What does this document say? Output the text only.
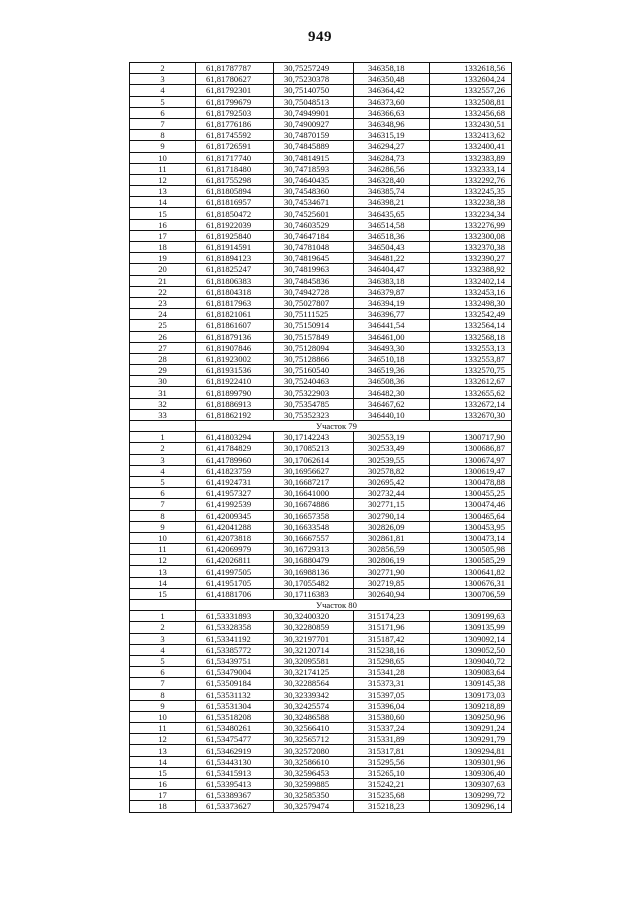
949
2	61,81787787	30,75257249	346358,18	1332618,56
3	61,81780627	30,75230378	346350,48	1332604,24
4	61,81792301	30,75140750	346364,42	1332557,26
5	61,81799679	30,75048513	346373,60	1332508,81
6	61,81792503	30,74949901	346366,63	1332456,68
7	61,81776186	30,74900927	346348,96	1332430,51
8	61,81745592	30,74870159	346315,19	1332413,62
9	61,81726591	30,74845889	346294,27	1332400,41
10	61,81717740	30,74814915	346284,73	1332383,89
11	61,81718480	30,74718593	346286,56	1332333,14
12	61,81755298	30,74640435	346328,40	1332292,76
13	61,81805894	30,74548360	346385,74	1332245,35
14	61,81816957	30,74534671	346398,21	1332238,38
15	61,81850472	30,74525601	346435,65	1332234,34
16	61,81922039	30,74603529	346514,58	1332276,99
17	61,81925840	30,74647184	346518,36	1332300,08
18	61,81914591	30,74781048	346504,43	1332370,38
19	61,81894123	30,74819645	346481,22	1332390,27
20	61,81825247	30,74819963	346404,47	1332388,92
21	61,81806383	30,74845836	346383,18	1332402,14
22	61,81804318	30,74942728	346379,87	1332453,16
23	61,81817963	30,75027807	346394,19	1332498,30
24	61,81821061	30,75111525	346396,77	1332542,49
25	61,81861607	30,75150914	346441,54	1332564,14
26	61,81879136	30,75157849	346461,00	1332568,18
27	61,81907846	30,75128094	346493,30	1332553,13
28	61,81923002	30,75128866	346510,18	1332553,87
29	61,81931536	30,75160540	346519,36	1332570,75
30	61,81922410	30,75240463	346508,36	1332612,67
31	61,81899790	30,75322903	346482,30	1332655,62
32	61,81886913	30,75354785	346467,62	1332672,14
33	61,81862192	30,75352323	346440,10	1332670,30
	Участок 79			
1	61,41803294	30,17142243	302553,19	1300717,90
2	61,41784829	30,17085213	302533,49	1300686,87
3	61,41789960	30,17062614	302539,55	1300674,97
4	61,41823759	30,16956627	302578,82	1300619,47
5	61,41924731	30,16687217	302695,42	1300478,88
6	61,41957327	30,16641000	302732,44	1300455,25
7	61,41992539	30,16674886	302771,15	1300474,46
8	61,42009345	30,16657358	302790,14	1300465,64
9	61,42041288	30,16633548	302826,09	1300453,95
10	61,42073818	30,16667557	302861,81	1300473,14
11	61,42069979	30,16729313	302856,59	1300505,98
12	61,42026811	30,16880479	302806,19	1300585,29
13	61,41997505	30,16988136	302771,90	1300641,82
14	61,41951705	30,17055482	302719,85	1300676,31
15	61,41881706	30,17116383	302640,94	1300706,59
	Участок 80			
1	61,53331893	30,32400320	315174,23	1309199,63
2	61,53328358	30,32280859	315171,96	1309135,99
3	61,53341192	30,32197701	315187,42	1309092,14
4	61,53385772	30,32120714	315238,16	1309052,50
5	61,53439751	30,32095581	315298,65	1309040,72
6	61,53479004	30,32174125	315341,28	1309083,64
7	61,53509184	30,32288564	315373,31	1309145,38
8	61,53531132	30,32339342	315397,05	1309173,03
9	61,53531304	30,32425574	315396,04	1309218,89
10	61,53518208	30,32486588	315380,60	1309250,96
11	61,53480261	30,32566410	315337,24	1309291,24
12	61,53475477	30,32565712	315331,89	1309291,79
13	61,53462919	30,32572080	315317,81	1309294,81
14	61,53443130	30,32586610	315295,56	1309301,96
15	61,53415913	30,32596453	315265,10	1309306,40
16	61,53395413	30,32599885	315242,21	1309307,63
17	61,53389367	30,32585350	315235,68	1309299,72
18	61,53373627	30,32579474	315218,23	1309296,14
